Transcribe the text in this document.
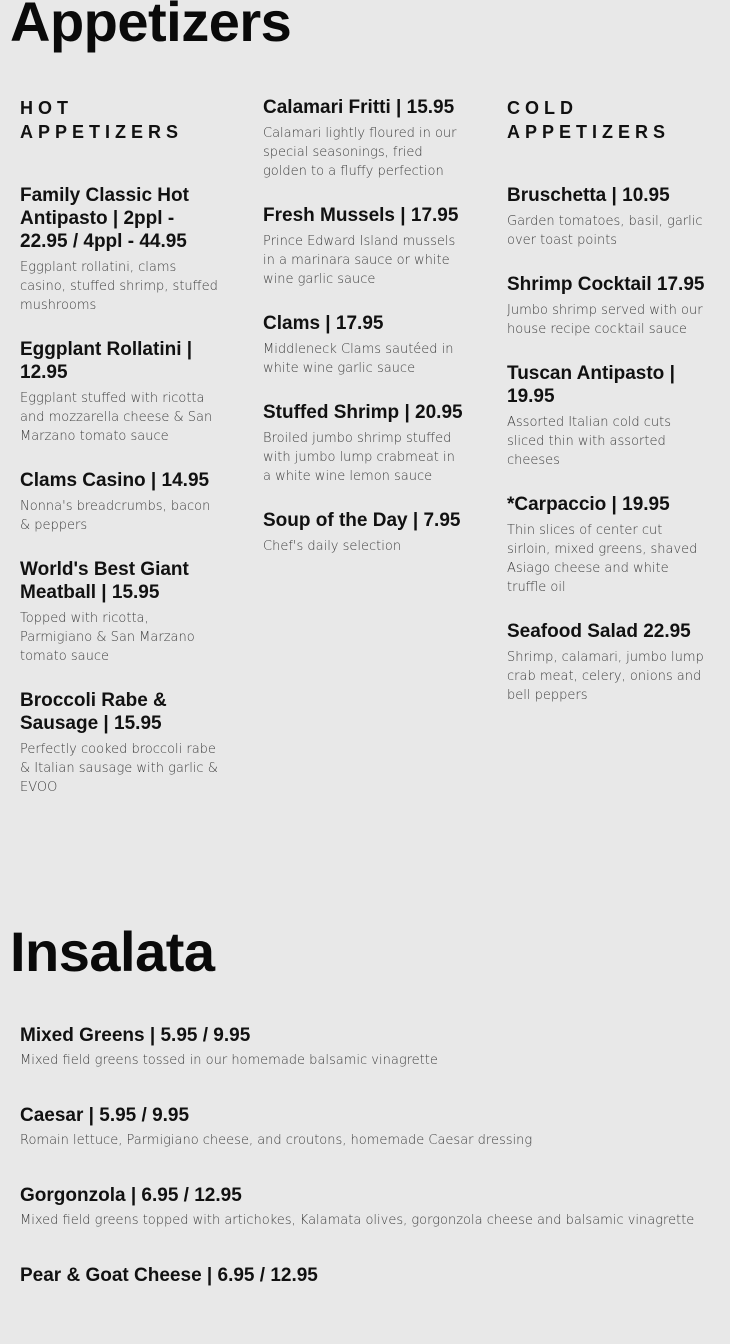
Appetizers
HOT APPETIZERS
Family Classic Hot Antipasto | 2ppl - 22.95 / 4ppl - 44.95

Eggplant rollatini, clams casino, stuffed shrimp, stuffed mushrooms

Eggplant Rollatini | 12.95

Eggplant stuffed with ricotta and mozzarella cheese & San Marzano tomato sauce

Clams Casino | 14.95

Nonna's breadcrumbs, bacon & peppers

World's Best Giant Meatball | 15.95

Topped with ricotta, Parmigiano & San Marzano tomato sauce

Broccoli Rabe & Sausage | 15.95

Perfectly cooked broccoli rabe & Italian sausage with garlic & EVOO

Calamari Fritti | 15.95

Calamari lightly floured in our special seasonings, fried golden to a fluffy perfection

Fresh Mussels | 17.95

Prince Edward Island mussels in a marinara sauce or white wine garlic sauce

Clams | 17.95

Middleneck Clams sautéed in white wine garlic sauce

Stuffed Shrimp | 20.95

Broiled jumbo shrimp stuffed with jumbo lump crabmeat in a white wine lemon sauce

Soup of the Day | 7.95

Chef's daily selection

COLD APPETIZERS
Bruschetta | 10.95

Garden tomatoes, basil, garlic over toast points

Shrimp Cocktail 17.95

Jumbo shrimp served with our house recipe cocktail sauce

Tuscan Antipasto | 19.95

Assorted Italian cold cuts sliced thin with assorted cheeses

*Carpaccio | 19.95

Thin slices of center cut sirloin, mixed greens, shaved Asiago cheese and white truffle oil

Seafood Salad 22.95

Shrimp, calamari, jumbo lump crab meat, celery, onions and bell peppers

Insalata
Mixed Greens | 5.95 / 9.95

Mixed field greens tossed in our homemade balsamic vinagrette

Caesar | 5.95 / 9.95

Romain lettuce, Parmigiano cheese, and croutons, homemade Caesar dressing

Gorgonzola | 6.95 / 12.95

Mixed field greens topped with artichokes, Kalamata olives, gorgonzola cheese and balsamic vinagrette

Pear & Goat Cheese | 6.95 / 12.95
